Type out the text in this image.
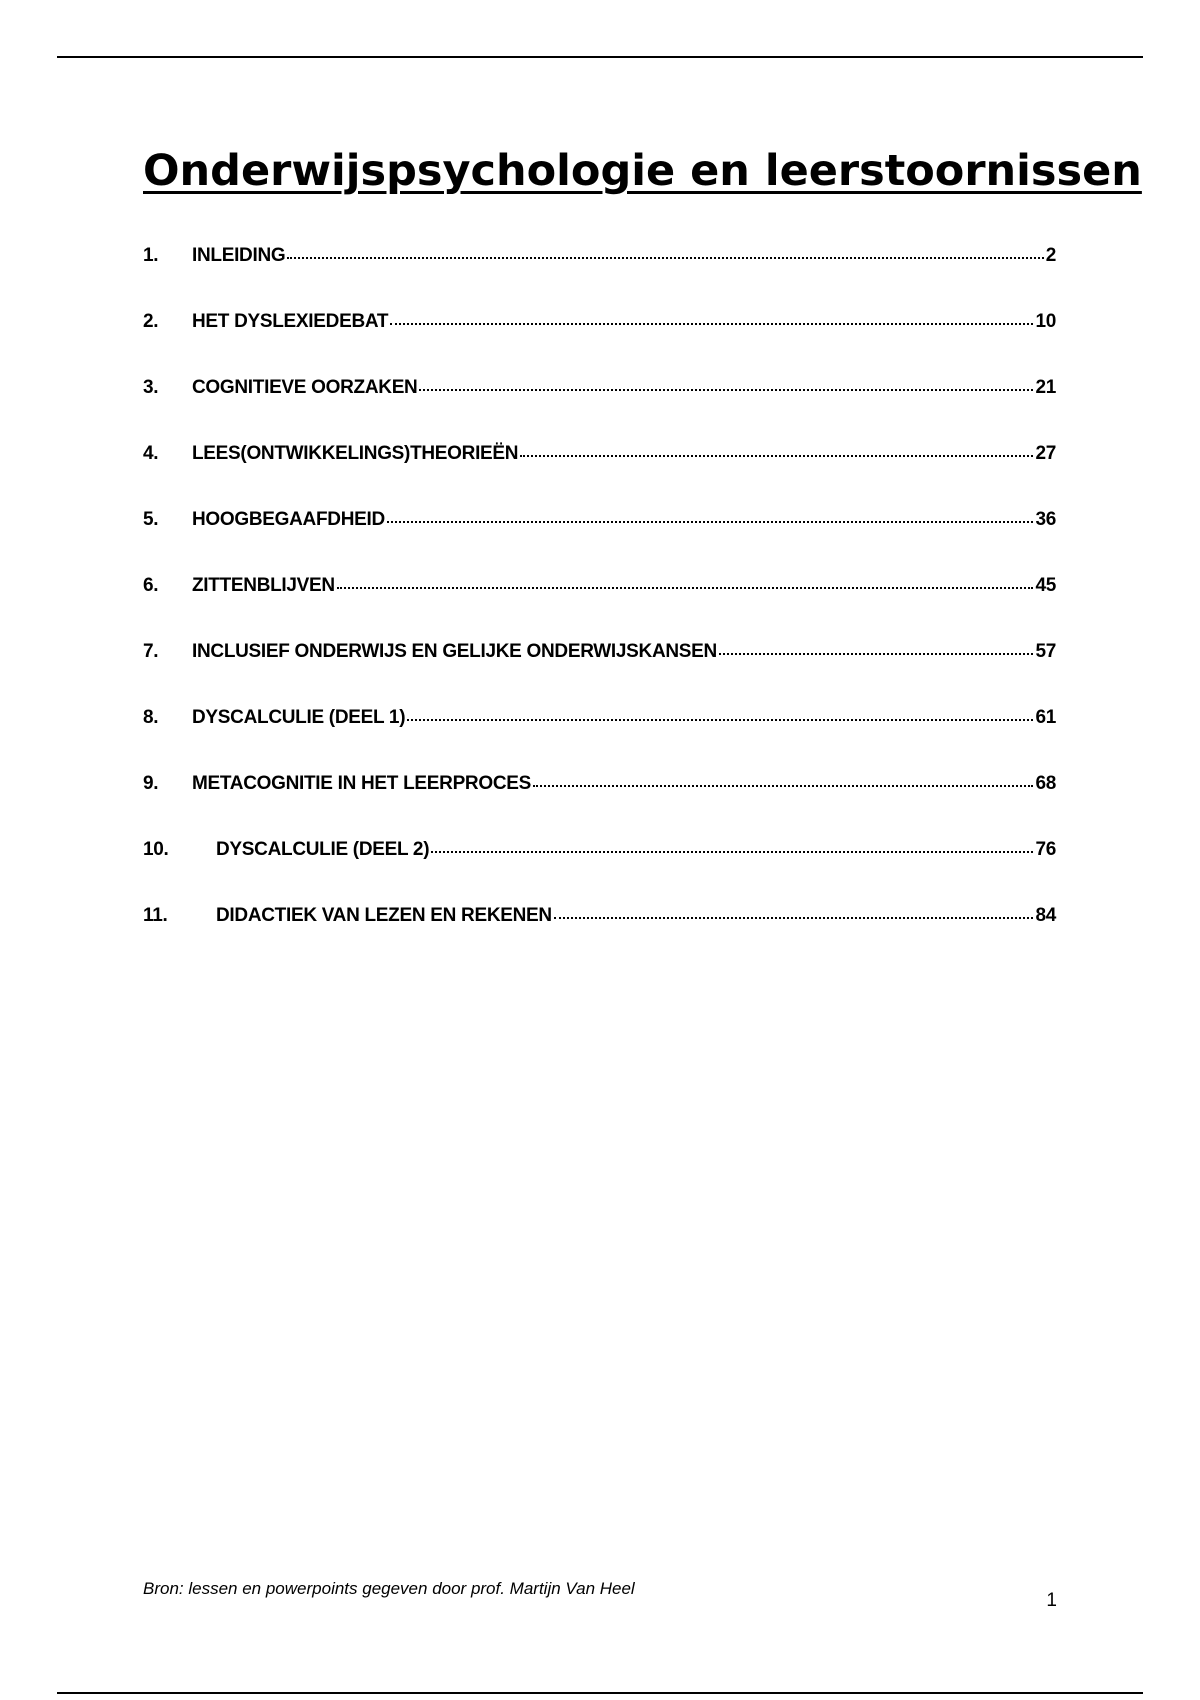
Onderwijspsychologie en leerstoornissen
1.	INLEIDING	2
2.	HET DYSLEXIEDEBAT	10
3.	COGNITIEVE OORZAKEN	21
4.	LEES(ONTWIKKELINGS)THEORIEËN	27
5.	HOOGBEGAAFDHEID	36
6.	ZITTENBLIJVEN	45
7.	INCLUSIEF ONDERWIJS EN GELIJKE ONDERWIJSKANSEN	57
8.	DYSCALCULIE (DEEL 1)	61
9.	METACOGNITIE IN HET LEERPROCES	68
10.	DYSCALCULIE (DEEL 2)	76
11.	DIDACTIEK VAN LEZEN EN REKENEN	84
Bron: lessen en powerpoints gegeven door prof. Martijn Van Heel
1
